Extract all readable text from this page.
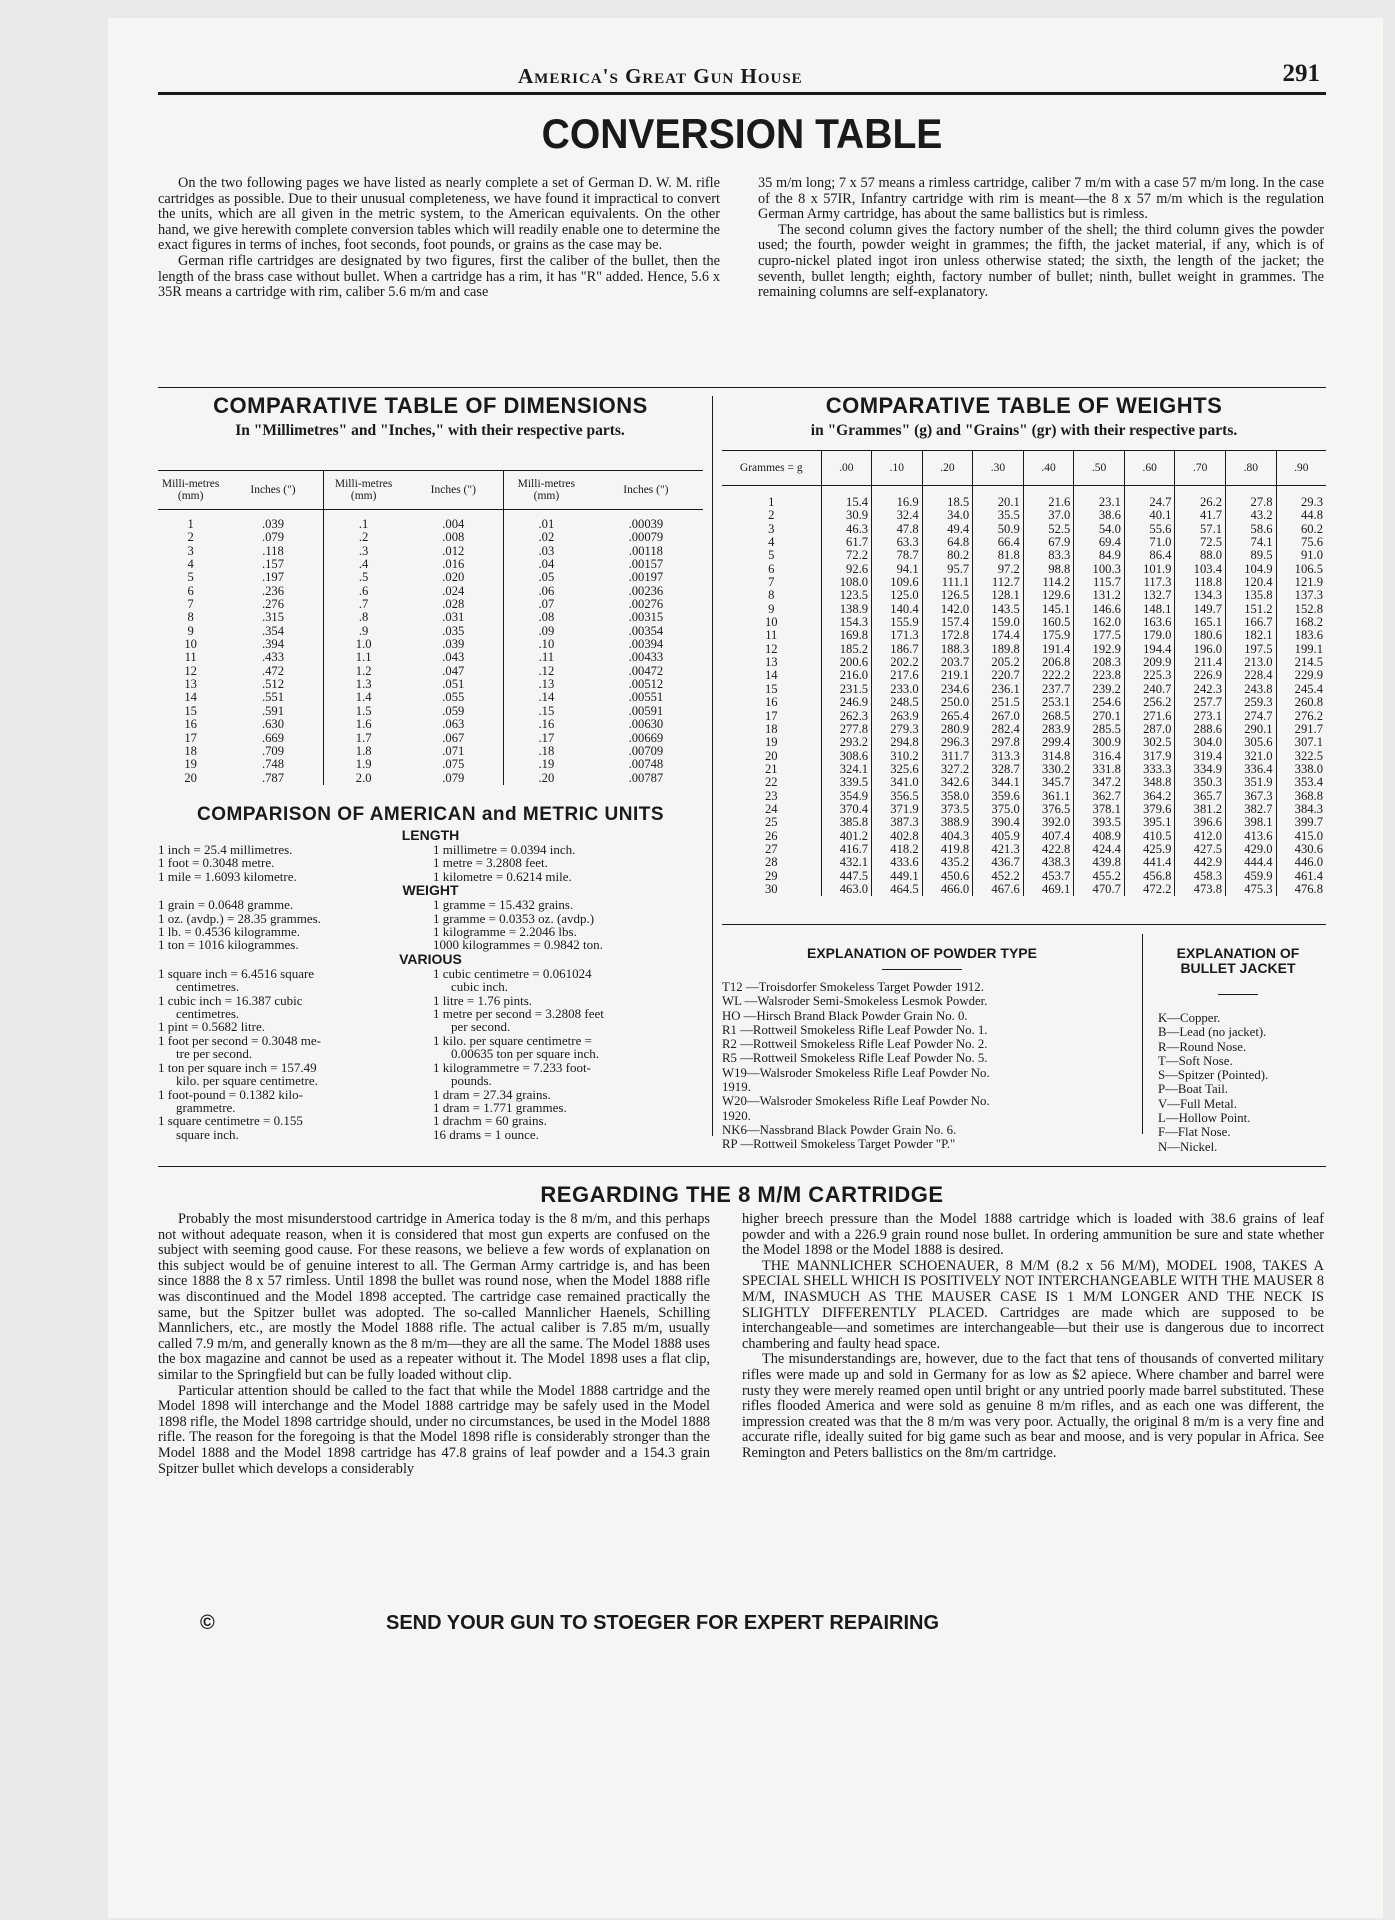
America's Great Gun House	291
CONVERSION TABLE

On the two following pages we have listed as nearly complete a set of German D. W. M. rifle cartridges as possible. Due to their unusual completeness, we have found it impractical to convert the units, which are all given in the metric system, to the American equivalents. On the other hand, we give herewith complete conversion tables which will readily enable one to determine the exact figures in terms of inches, foot seconds, foot pounds, or grains as the case may be.

German rifle cartridges are designated by two figures, first the caliber of the bullet, then the length of the brass case without bullet. When a cartridge has a rim, it has "R" added. Hence, 5.6 x 35R means a cartridge with rim, caliber 5.6 m/m and case

35 m/m long; 7 x 57 means a rimless cartridge, caliber 7 m/m with a case 57 m/m long. In the case of the 8 x 57IR, Infantry cartridge with rim is meant—the 8 x 57 m/m which is the regulation German Army cartridge, has about the same ballistics but is rimless.

The second column gives the factory number of the shell; the third column gives the powder used; the fourth, powder weight in grammes; the fifth, the jacket material, if any, which is of cupro-nickel plated ingot iron unless otherwise stated; the sixth, the length of the jacket; the seventh, bullet length; eighth, factory number of bullet; ninth, bullet weight in grammes. The remaining columns are self-explanatory.

COMPARATIVE TABLE OF DIMENSIONS
In "Millimetres" and "Inches," with their respective parts.
Milli-metres (mm)	Inches (")	Milli-metres (mm)	Inches (")	Milli-metres (mm)	Inches (")
1	.039	.1	.004	.01	.00039
2	.079	.2	.008	.02	.00079
3	.118	.3	.012	.03	.00118
4	.157	.4	.016	.04	.00157
5	.197	.5	.020	.05	.00197
6	.236	.6	.024	.06	.00236
7	.276	.7	.028	.07	.00276
8	.315	.8	.031	.08	.00315
9	.354	.9	.035	.09	.00354
10	.394	1.0	.039	.10	.00394
11	.433	1.1	.043	.11	.00433
12	.472	1.2	.047	.12	.00472
13	.512	1.3	.051	.13	.00512
14	.551	1.4	.055	.14	.00551
15	.591	1.5	.059	.15	.00591
16	.630	1.6	.063	.16	.00630
17	.669	1.7	.067	.17	.00669
18	.709	1.8	.071	.18	.00709
19	.748	1.9	.075	.19	.00748
20	.787	2.0	.079	.20	.00787
COMPARISON OF AMERICAN and METRIC UNITS
LENGTH
1 inch = 25.4 millimetres.	1 millimetre = 0.0394 inch.
1 foot = 0.3048 metre.	1 metre = 3.2808 feet.
1 mile = 1.6093 kilometre.	1 kilometre = 0.6214 mile.
WEIGHT
1 grain = 0.0648 gramme.	1 gramme = 15.432 grains.
1 oz. (avdp.) = 28.35 grammes.	1 gramme = 0.0353 oz. (avdp.)
1 lb. = 0.4536 kilogramme.	1 kilogramme = 2.2046 lbs.
1 ton = 1016 kilogrammes.	1000 kilogrammes = 0.9842 ton.
VARIOUS
1 square inch = 6.4516 square
centimetres.
1 cubic inch = 16.387 cubic
centimetres.
1 pint = 0.5682 litre.
1 foot per second = 0.3048 me-
tre per second.
1 ton per square inch = 157.49
kilo. per square centimetre.
1 foot-pound = 0.1382 kilo-
grammetre.
1 square centimetre = 0.155
square inch.
1 cubic centimetre = 0.061024
cubic inch.
1 litre = 1.76 pints.
1 metre per second = 3.2808 feet
per second.
1 kilo. per square centimetre =
0.00635 ton per square inch.
1 kilogrammetre = 7.233 foot-
pounds.
1 dram = 27.34 grains.
1 dram = 1.771 grammes.
1 drachm = 60 grains.
16 drams = 1 ounce.
COMPARATIVE TABLE OF WEIGHTS
in "Grammes" (g) and "Grains" (gr) with their respective parts.
Grammes = g	.00	.10	.20	.30	.40	.50	.60	.70	.80	.90
1	15.4	16.9	18.5	20.1	21.6	23.1	24.7	26.2	27.8	29.3
2	30.9	32.4	34.0	35.5	37.0	38.6	40.1	41.7	43.2	44.8
3	46.3	47.8	49.4	50.9	52.5	54.0	55.6	57.1	58.6	60.2
4	61.7	63.3	64.8	66.4	67.9	69.4	71.0	72.5	74.1	75.6
5	72.2	78.7	80.2	81.8	83.3	84.9	86.4	88.0	89.5	91.0
6	92.6	94.1	95.7	97.2	98.8	100.3	101.9	103.4	104.9	106.5
7	108.0	109.6	111.1	112.7	114.2	115.7	117.3	118.8	120.4	121.9
8	123.5	125.0	126.5	128.1	129.6	131.2	132.7	134.3	135.8	137.3
9	138.9	140.4	142.0	143.5	145.1	146.6	148.1	149.7	151.2	152.8
10	154.3	155.9	157.4	159.0	160.5	162.0	163.6	165.1	166.7	168.2
11	169.8	171.3	172.8	174.4	175.9	177.5	179.0	180.6	182.1	183.6
12	185.2	186.7	188.3	189.8	191.4	192.9	194.4	196.0	197.5	199.1
13	200.6	202.2	203.7	205.2	206.8	208.3	209.9	211.4	213.0	214.5
14	216.0	217.6	219.1	220.7	222.2	223.8	225.3	226.9	228.4	229.9
15	231.5	233.0	234.6	236.1	237.7	239.2	240.7	242.3	243.8	245.4
16	246.9	248.5	250.0	251.5	253.1	254.6	256.2	257.7	259.3	260.8
17	262.3	263.9	265.4	267.0	268.5	270.1	271.6	273.1	274.7	276.2
18	277.8	279.3	280.9	282.4	283.9	285.5	287.0	288.6	290.1	291.7
19	293.2	294.8	296.3	297.8	299.4	300.9	302.5	304.0	305.6	307.1
20	308.6	310.2	311.7	313.3	314.8	316.4	317.9	319.4	321.0	322.5
21	324.1	325.6	327.2	328.7	330.2	331.8	333.3	334.9	336.4	338.0
22	339.5	341.0	342.6	344.1	345.7	347.2	348.8	350.3	351.9	353.4
23	354.9	356.5	358.0	359.6	361.1	362.7	364.2	365.7	367.3	368.8
24	370.4	371.9	373.5	375.0	376.5	378.1	379.6	381.2	382.7	384.3
25	385.8	387.3	388.9	390.4	392.0	393.5	395.1	396.6	398.1	399.7
26	401.2	402.8	404.3	405.9	407.4	408.9	410.5	412.0	413.6	415.0
27	416.7	418.2	419.8	421.3	422.8	424.4	425.9	427.5	429.0	430.6
28	432.1	433.6	435.2	436.7	438.3	439.8	441.4	442.9	444.4	446.0
29	447.5	449.1	450.6	452.2	453.7	455.2	456.8	458.3	459.9	461.4
30	463.0	464.5	466.0	467.6	469.1	470.7	472.2	473.8	475.3	476.8
EXPLANATION OF POWDER TYPE
T12 —Troisdorfer Smokeless Target Powder 1912.
WL —Walsroder Semi-Smokeless Lesmok Powder.
HO —Hirsch Brand Black Powder Grain No. 0.
R1 —Rottweil Smokeless Rifle Leaf Powder No. 1.
R2 —Rottweil Smokeless Rifle Leaf Powder No. 2.
R5 —Rottweil Smokeless Rifle Leaf Powder No. 5.
W19—Walsroder Smokeless Rifle Leaf Powder No.
1919.
W20—Walsroder Smokeless Rifle Leaf Powder No.
1920.
NK6—Nassbrand Black Powder Grain No. 6.
RP —Rottweil Smokeless Target Powder "P."
EXPLANATION OF BULLET JACKET
K—Copper.
B—Lead (no jacket).
R—Round Nose.
T—Soft Nose.
S—Spitzer (Pointed).
P—Boat Tail.
V—Full Metal.
L—Hollow Point.
F—Flat Nose.
N—Nickel.
REGARDING THE 8 M/M CARTRIDGE

Probably the most misunderstood cartridge in America today is the 8 m/m, and this perhaps not without adequate reason, when it is considered that most gun experts are confused on the subject with seeming good cause. For these reasons, we believe a few words of explanation on this subject would be of genuine interest to all. The German Army cartridge is, and has been since 1888 the 8 x 57 rimless. Until 1898 the bullet was round nose, when the Model 1888 rifle was discontinued and the Model 1898 accepted. The cartridge case remained practically the same, but the Spitzer bullet was adopted. The so-called Mannlicher Haenels, Schilling Mannlichers, etc., are mostly the Model 1888 rifle. The actual caliber is 7.85 m/m, usually called 7.9 m/m, and generally known as the 8 m/m—they are all the same. The Model 1888 uses the box magazine and cannot be used as a repeater without it. The Model 1898 uses a flat clip, similar to the Springfield but can be fully loaded without clip.

Particular attention should be called to the fact that while the Model 1888 cartridge and the Model 1898 will interchange and the Model 1888 cartridge may be safely used in the Model 1898 rifle, the Model 1898 cartridge should, under no circumstances, be used in the Model 1888 rifle. The reason for the foregoing is that the Model 1898 rifle is considerably stronger than the Model 1888 and the Model 1898 cartridge has 47.8 grains of leaf powder and a 154.3 grain Spitzer bullet which develops a considerably

higher breech pressure than the Model 1888 cartridge which is loaded with 38.6 grains of leaf powder and with a 226.9 grain round nose bullet. In ordering ammunition be sure and state whether the Model 1898 or the Model 1888 is desired.

THE MANNLICHER SCHOENAUER, 8 M/M (8.2 x 56 M/M), MODEL 1908, TAKES A SPECIAL SHELL WHICH IS POSITIVELY NOT INTERCHANGEABLE WITH THE MAUSER 8 M/M, INASMUCH AS THE MAUSER CASE IS 1 M/M LONGER AND THE NECK IS SLIGHTLY DIFFERENTLY PLACED. Cartridges are made which are supposed to be interchangeable—and sometimes are interchangeable—but their use is dangerous due to incorrect chambering and faulty head space.

The misunderstandings are, however, due to the fact that tens of thousands of converted military rifles were made up and sold in Germany for as low as $2 apiece. Where chamber and barrel were rusty they were merely reamed open until bright or any untried poorly made barrel substituted. These rifles flooded America and were sold as genuine 8 m/m rifles, and as each one was different, the impression created was that the 8 m/m was very poor. Actually, the original 8 m/m is a very fine and accurate rifle, ideally suited for big game such as bear and moose, and is very popular in Africa. See Remington and Peters ballistics on the 8m/m cartridge.

©	SEND YOUR GUN TO STOEGER FOR EXPERT REPAIRING
